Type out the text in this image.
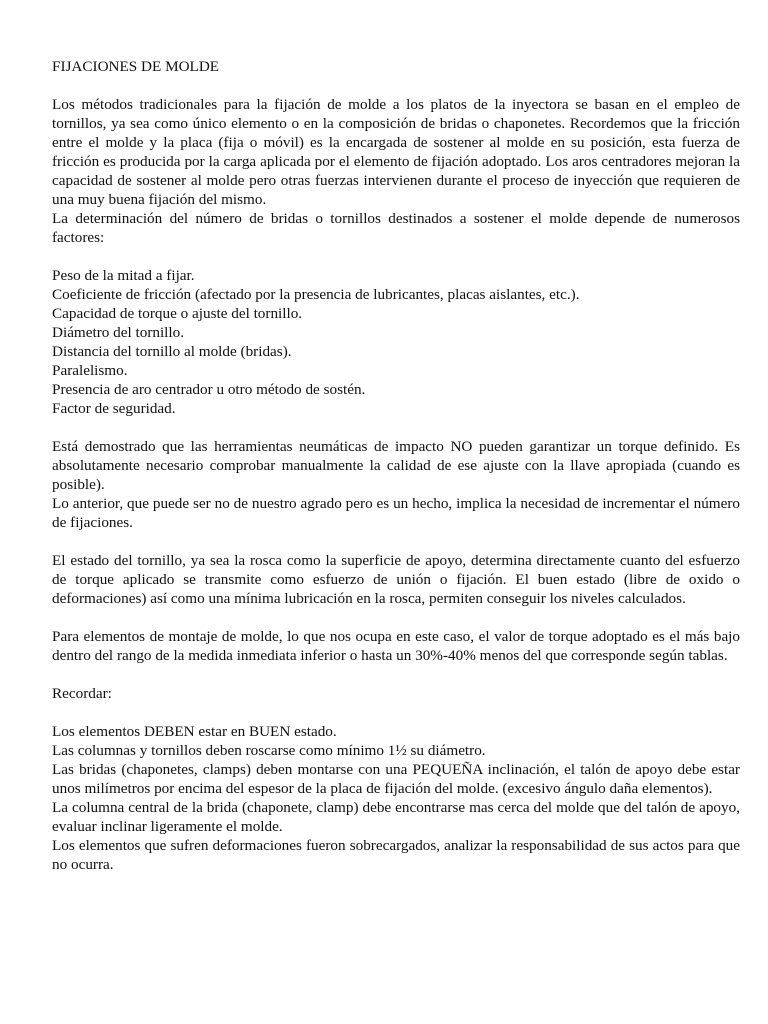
FIJACIONES DE MOLDE

Los métodos tradicionales para la fijación de molde a los platos de la inyectora se basan en el empleo de tornillos, ya sea como único elemento o en la composición de bridas o chaponetes. Recordemos que la fricción entre el molde y la placa (fija o móvil) es la encargada de sostener al molde en su posición, esta fuerza de fricción es producida por la carga aplicada por el elemento de fijación adoptado. Los aros centradores mejoran la capacidad de sostener al molde pero otras fuerzas intervienen durante el proceso de inyección que requieren de una muy buena fijación del mismo.

La determinación del número de bridas o tornillos destinados a sostener el molde depende de numerosos factores:

Peso de la mitad a fijar.

Coeficiente de fricción (afectado por la presencia de lubricantes, placas aislantes, etc.).

Capacidad de torque o ajuste del tornillo.

Diámetro del tornillo.

Distancia del tornillo al molde (bridas).

Paralelismo.

Presencia de aro centrador u otro método de sostén.

Factor de seguridad.

Está demostrado que las herramientas neumáticas de impacto NO pueden garantizar un torque definido. Es absolutamente necesario comprobar manualmente la calidad de ese ajuste con la llave apropiada (cuando es posible).

Lo anterior, que puede ser no de nuestro agrado pero es un hecho, implica la necesidad de incrementar el número de fijaciones.

El estado del tornillo, ya sea la rosca como la superficie de apoyo, determina directamente cuanto del esfuerzo de torque aplicado se transmite como esfuerzo de unión o fijación. El buen estado (libre de oxido o deformaciones) así como una mínima lubricación en la rosca, permiten conseguir los niveles calculados.

Para elementos de montaje de molde, lo que nos ocupa en este caso, el valor de torque adoptado es el más bajo dentro del rango de la medida inmediata inferior o hasta un 30%-40% menos del que corresponde según tablas.

Recordar:

Los elementos DEBEN estar en BUEN estado.

Las columnas y tornillos deben roscarse como mínimo 1½ su diámetro.

Las bridas (chaponetes, clamps) deben montarse con una PEQUEÑA inclinación, el talón de apoyo debe estar unos milímetros por encima del espesor de la placa de fijación del molde. (excesivo ángulo daña elementos).

La columna central de la brida (chaponete, clamp) debe encontrarse mas cerca del molde que del talón de apoyo, evaluar inclinar ligeramente el molde.

Los elementos que sufren deformaciones fueron sobrecargados, analizar la responsabilidad de sus actos para que no ocurra.
